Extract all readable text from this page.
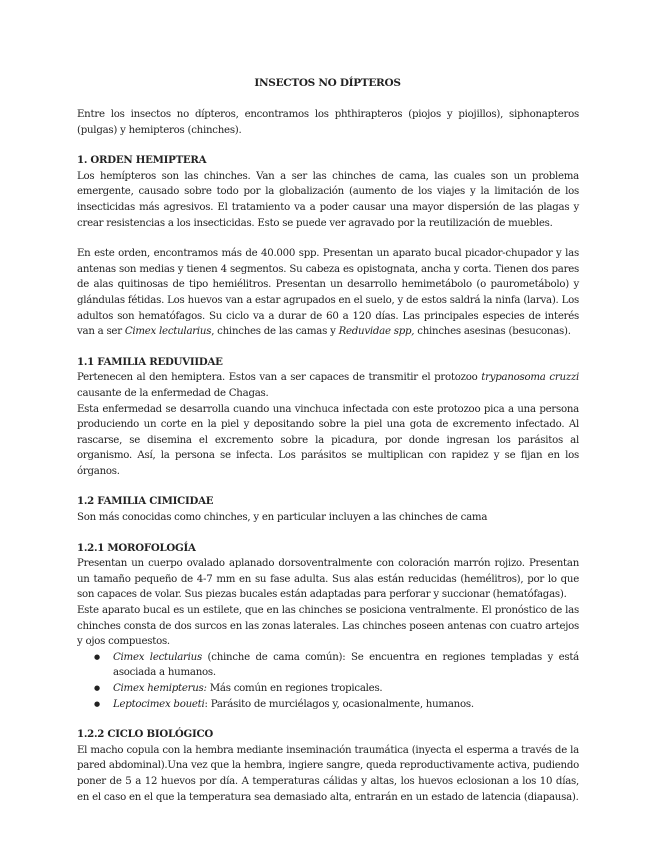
INSECTOS NO DÍPTEROS

Entre los insectos no dípteros, encontramos los phthirapteros (piojos y piojillos), siphonapteros (pulgas) y hemipteros (chinches).

1. ORDEN HEMIPTERA

Los hemípteros son las chinches. Van a ser las chinches de cama, las cuales son un problema emergente, causado sobre todo por la globalización (aumento de los viajes y la limitación de los insecticidas más agresivos. El tratamiento va a poder causar una mayor dispersión de las plagas y crear resistencias a los insecticidas. Esto se puede ver agravado por la reutilización de muebles.

En este orden, encontramos más de 40.000 spp. Presentan un aparato bucal picador-chupador y las antenas son medias y tienen 4 segmentos. Su cabeza es opistognata, ancha y corta. Tienen dos pares de alas quitinosas de tipo hemiélitros. Presentan un desarrollo hemimetábolo (o paurometábolo) y glándulas fétidas. Los huevos van a estar agrupados en el suelo, y de estos saldrá la ninfa (larva). Los adultos son hematófagos. Su ciclo va a durar de 60 a 120 días. Las principales especies de interés van a ser Cimex lectularius, chinches de las camas y Reduvidae spp, chinches asesinas (besuconas).

1.1 FAMILIA REDUVIIDAE

Pertenecen al den hemiptera. Estos van a ser capaces de transmitir el protozoo trypanosoma cruzzi causante de la enfermedad de Chagas.

Esta enfermedad se desarrolla cuando una vinchuca infectada con este protozoo pica a una persona produciendo un corte en la piel y depositando sobre la piel una gota de excremento infectado. Al rascarse, se disemina el excremento sobre la picadura, por donde ingresan los parásitos al organismo. Así, la persona se infecta. Los parásitos se multiplican con rapidez y se fijan en los órganos.

1.2 FAMILIA CIMICIDAE

Son más conocidas como chinches, y en particular incluyen a las chinches de cama

1.2.1 MOROFOLOGÍA

Presentan un cuerpo ovalado aplanado dorsoventralmente con coloración marrón rojizo. Presentan un tamaño pequeño de 4-7 mm en su fase adulta. Sus alas están reducidas (hemélitros), por lo que son capaces de volar. Sus piezas bucales están adaptadas para perforar y succionar (hematófagas).

Este aparato bucal es un estilete, que en las chinches se posiciona ventralmente. El pronóstico de las chinches consta de dos surcos en las zonas laterales. Las chinches poseen antenas con cuatro artejos y ojos compuestos.

● Cimex lectularius (chinche de cama común): Se encuentra en regiones templadas y está asociada a humanos.
● Cimex hemipterus: Más común en regiones tropicales.
● Leptocimex boueti: Parásito de murciélagos y, ocasionalmente, humanos.
1.2.2 CICLO BIOLÓGICO

El macho copula con la hembra mediante inseminación traumática (inyecta el esperma a través de la pared abdominal).Una vez que la hembra, ingiere sangre, queda reproductivamente activa, pudiendo poner de 5 a 12 huevos por día. A temperaturas cálidas y altas, los huevos eclosionan a los 10 días, en el caso en el que la temperatura sea demasiado alta, entrarán en un estado de latencia (diapausa).
